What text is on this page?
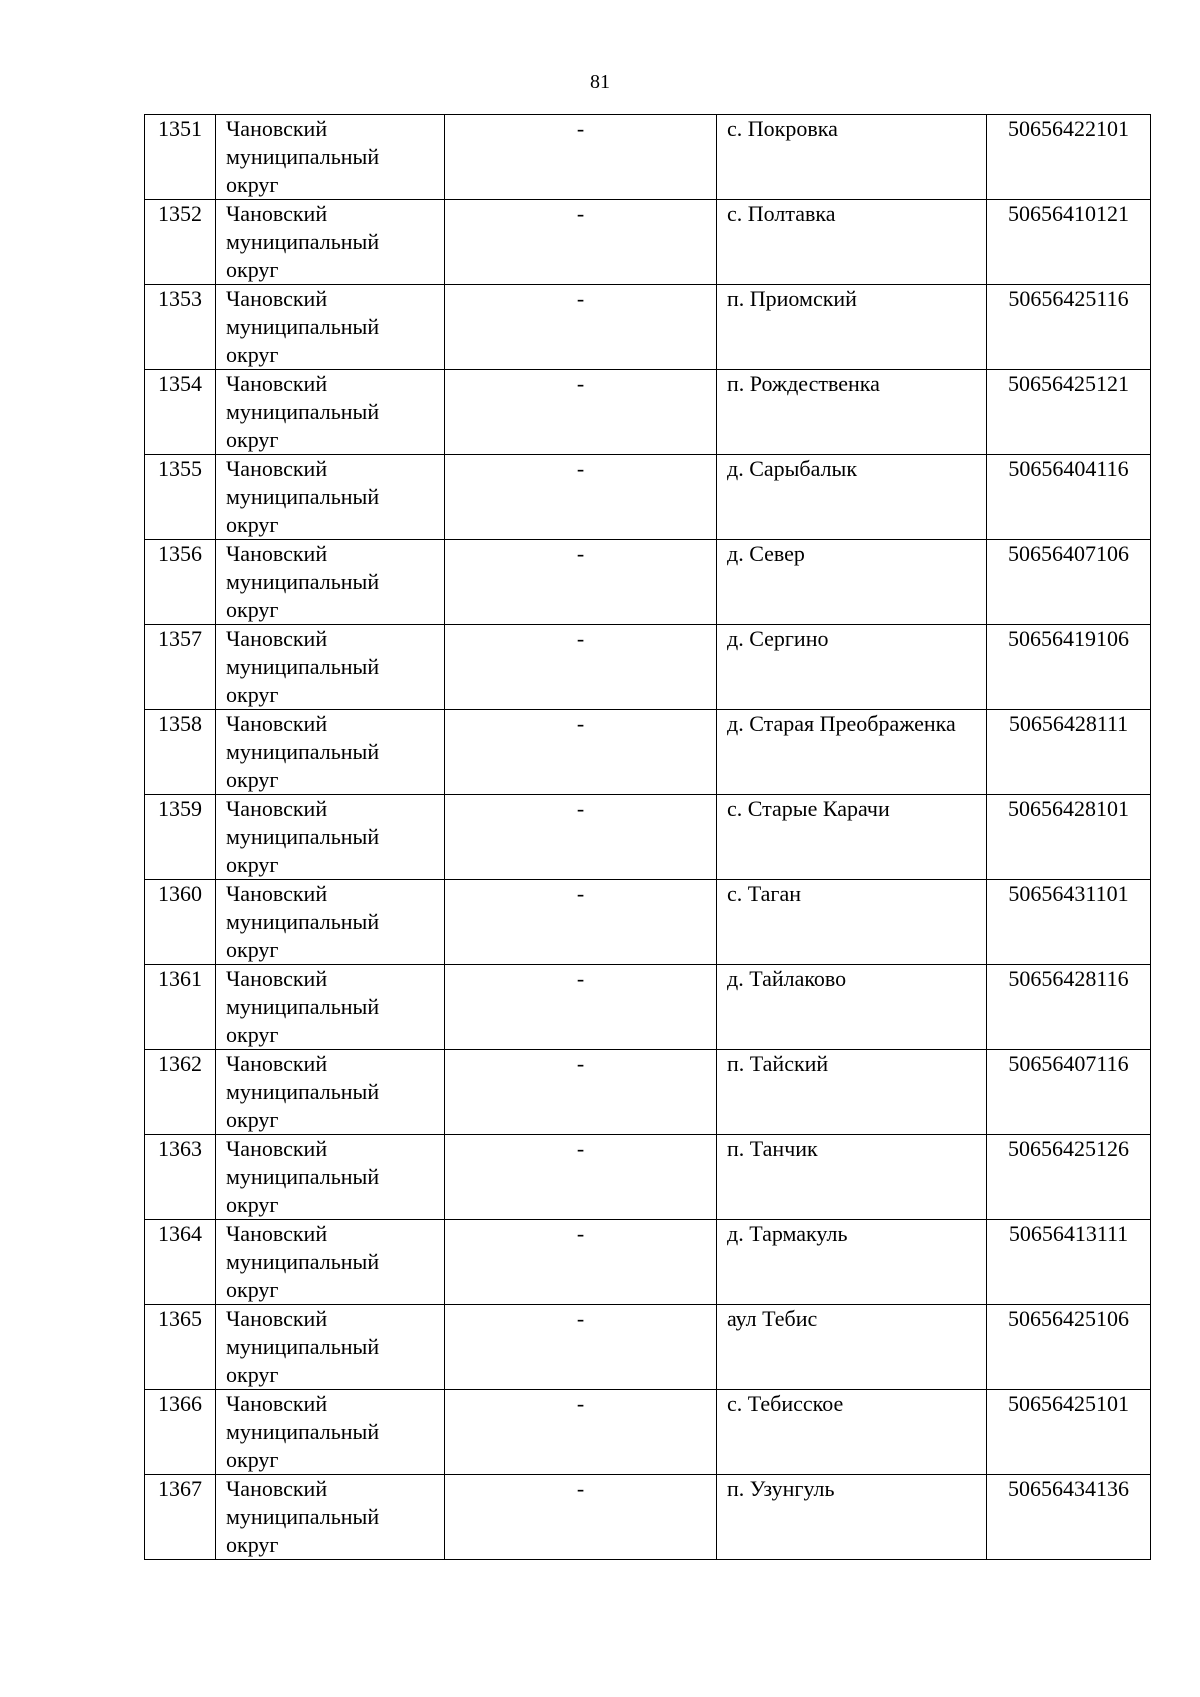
81
1351	Чановский муниципальный округ	-	с. Покровка	50656422101

1352	Чановский муниципальный округ	-	с. Полтавка	50656410121

1353	Чановский муниципальный округ	-	п. Приомский	50656425116

1354	Чановский муниципальный округ	-	п. Рождественка	50656425121

1355	Чановский муниципальный округ	-	д. Сарыбалык	50656404116

1356	Чановский муниципальный округ	-	д. Север	50656407106

1357	Чановский муниципальный округ	-	д. Сергино	50656419106

1358	Чановский муниципальный округ	-	д. Старая Преображенка	50656428111

1359	Чановский муниципальный округ	-	с. Старые Карачи	50656428101

1360	Чановский муниципальный округ	-	с. Таган	50656431101

1361	Чановский муниципальный округ	-	д. Тайлаково	50656428116

1362	Чановский муниципальный округ	-	п. Тайский	50656407116

1363	Чановский муниципальный округ	-	п. Танчик	50656425126

1364	Чановский муниципальный округ	-	д. Тармакуль	50656413111

1365	Чановский муниципальный округ	-	аул Тебис	50656425106

1366	Чановский муниципальный округ	-	с. Тебисское	50656425101

1367	Чановский муниципальный округ	-	п. Узунгуль	50656434136
